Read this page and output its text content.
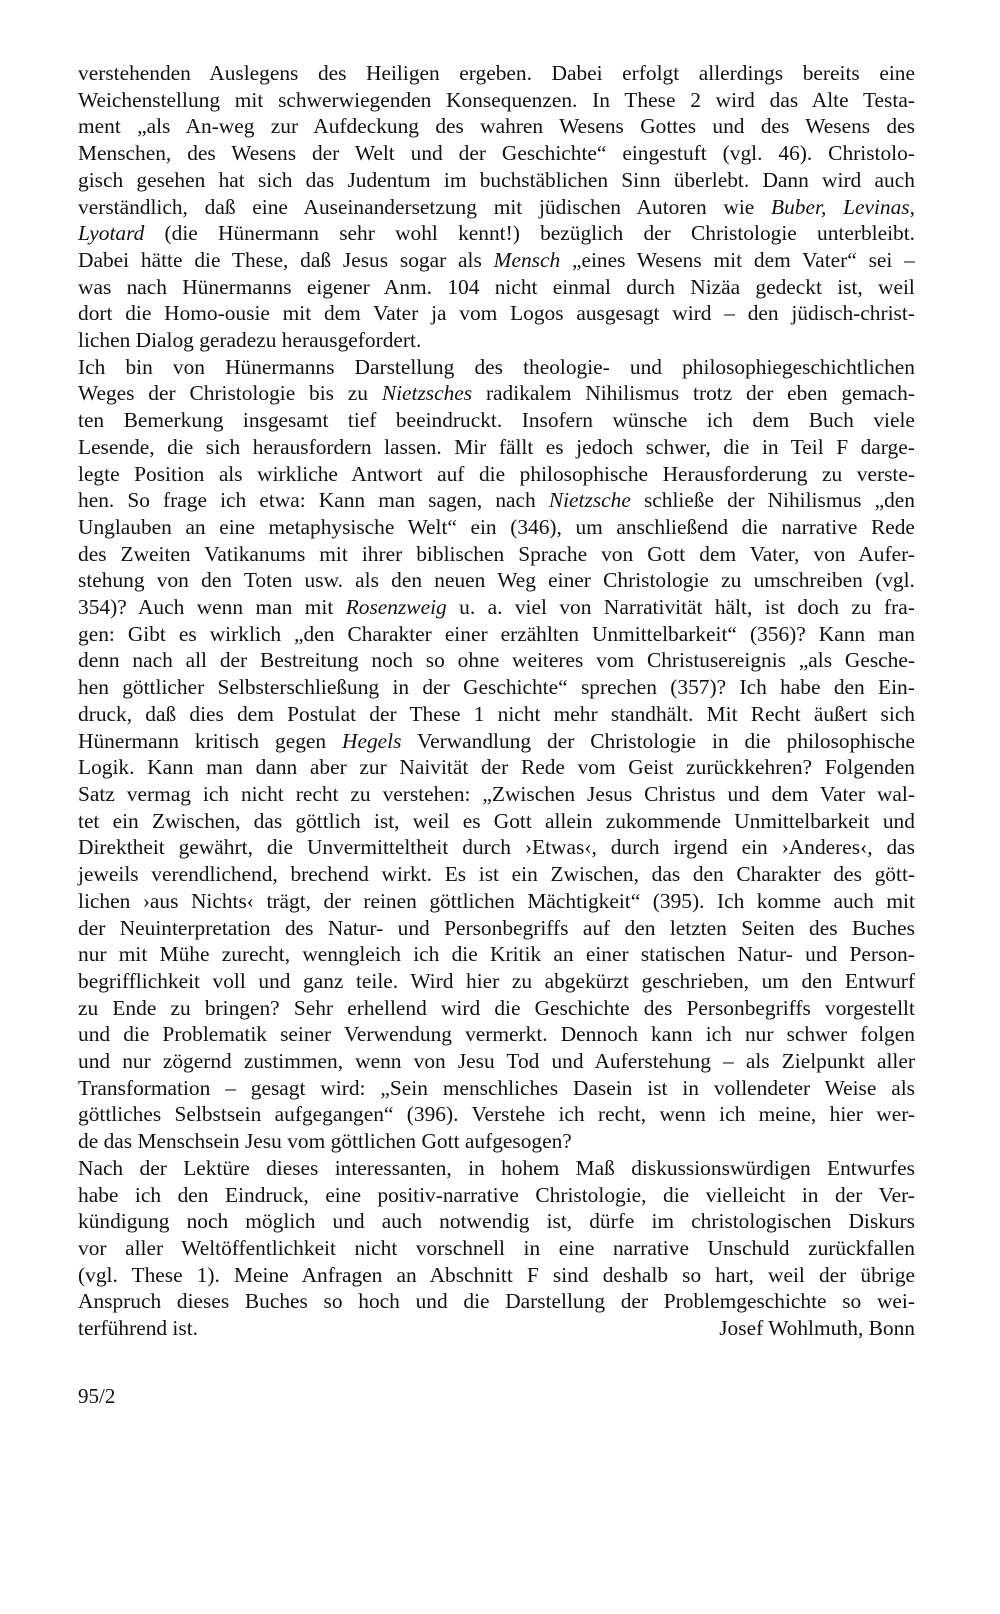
verstehenden Auslegens des Heiligen ergeben. Dabei erfolgt allerdings bereits eine
Weichenstellung mit schwerwiegenden Konsequenzen. In These 2 wird das Alte Testa-
ment „als An-weg zur Aufdeckung des wahren Wesens Gottes und des Wesens des
Menschen, des Wesens der Welt und der Geschichte“ eingestuft (vgl. 46). Christolo-
gisch gesehen hat sich das Judentum im buchstäblichen Sinn überlebt. Dann wird auch
verständlich, daß eine Auseinandersetzung mit jüdischen Autoren wie Buber, Levinas,
Lyotard (die Hünermann sehr wohl kennt!) bezüglich der Christologie unterbleibt.
Dabei hätte die These, daß Jesus sogar als Mensch „eines Wesens mit dem Vater“ sei –
was nach Hünermanns eigener Anm. 104 nicht einmal durch Nizäa gedeckt ist, weil
dort die Homo-ousie mit dem Vater ja vom Logos ausgesagt wird – den jüdisch-christ-
lichen Dialog geradezu herausgefordert.
Ich bin von Hünermanns Darstellung des theologie- und philosophiegeschichtlichen
Weges der Christologie bis zu Nietzsches radikalem Nihilismus trotz der eben gemach-
ten Bemerkung insgesamt tief beeindruckt. Insofern wünsche ich dem Buch viele
Lesende, die sich herausfordern lassen. Mir fällt es jedoch schwer, die in Teil F darge-
legte Position als wirkliche Antwort auf die philosophische Herausforderung zu verste-
hen. So frage ich etwa: Kann man sagen, nach Nietzsche schließe der Nihilismus „den
Unglauben an eine metaphysische Welt“ ein (346), um anschließend die narrative Rede
des Zweiten Vatikanums mit ihrer biblischen Sprache von Gott dem Vater, von Aufer-
stehung von den Toten usw. als den neuen Weg einer Christologie zu umschreiben (vgl.
354)? Auch wenn man mit Rosenzweig u. a. viel von Narrativität hält, ist doch zu fra-
gen: Gibt es wirklich „den Charakter einer erzählten Unmittelbarkeit“ (356)? Kann man
denn nach all der Bestreitung noch so ohne weiteres vom Christusereignis „als Gesche-
hen göttlicher Selbsterschließung in der Geschichte“ sprechen (357)? Ich habe den Ein-
druck, daß dies dem Postulat der These 1 nicht mehr standhält. Mit Recht äußert sich
Hünermann kritisch gegen Hegels Verwandlung der Christologie in die philosophische
Logik. Kann man dann aber zur Naivität der Rede vom Geist zurückkehren? Folgenden
Satz vermag ich nicht recht zu verstehen: „Zwischen Jesus Christus und dem Vater wal-
tet ein Zwischen, das göttlich ist, weil es Gott allein zukommende Unmittelbarkeit und
Direktheit gewährt, die Unvermitteltheit durch ›Etwas‹, durch irgend ein ›Anderes‹, das
jeweils verendlichend, brechend wirkt. Es ist ein Zwischen, das den Charakter des gött-
lichen ›aus Nichts‹ trägt, der reinen göttlichen Mächtigkeit“ (395). Ich komme auch mit
der Neuinterpretation des Natur- und Personbegriffs auf den letzten Seiten des Buches
nur mit Mühe zurecht, wenngleich ich die Kritik an einer statischen Natur- und Person-
begrifflichkeit voll und ganz teile. Wird hier zu abgekürzt geschrieben, um den Entwurf
zu Ende zu bringen? Sehr erhellend wird die Geschichte des Personbegriffs vorgestellt
und die Problematik seiner Verwendung vermerkt. Dennoch kann ich nur schwer folgen
und nur zögernd zustimmen, wenn von Jesu Tod und Auferstehung – als Zielpunkt aller
Transformation – gesagt wird: „Sein menschliches Dasein ist in vollendeter Weise als
göttliches Selbstsein aufgegangen“ (396). Verstehe ich recht, wenn ich meine, hier wer-
de das Menschsein Jesu vom göttlichen Gott aufgesogen?
Nach der Lektüre dieses interessanten, in hohem Maß diskussionswürdigen Entwurfes
habe ich den Eindruck, eine positiv-narrative Christologie, die vielleicht in der Ver-
kündigung noch möglich und auch notwendig ist, dürfe im christologischen Diskurs
vor aller Weltöffentlichkeit nicht vorschnell in eine narrative Unschuld zurückfallen
(vgl. These 1). Meine Anfragen an Abschnitt F sind deshalb so hart, weil der übrige
Anspruch dieses Buches so hoch und die Darstellung der Problemgeschichte so wei-
terführend ist.	Josef Wohlmuth, Bonn
95/2
